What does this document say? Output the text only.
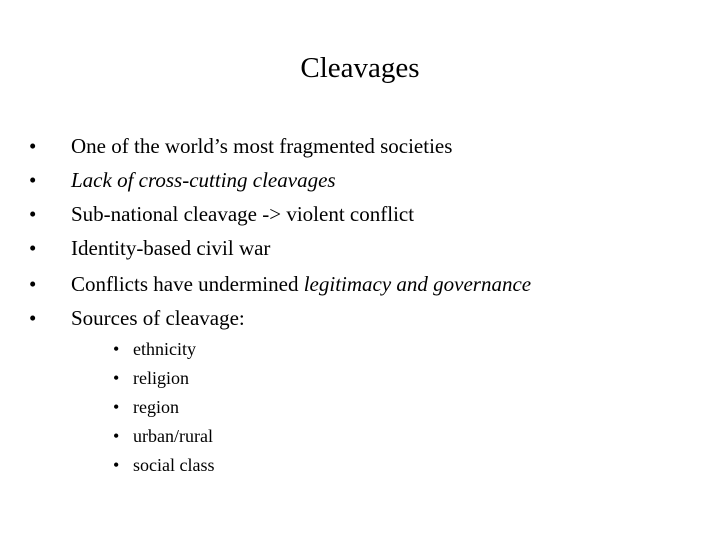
Cleavages
•	One of the world’s most fragmented societies
•	Lack of cross-cutting cleavages
•	Sub-national cleavage -> violent conflict
•	Identity-based civil war
•	Conflicts have undermined legitimacy and governance
•	Sources of cleavage:
• ethnicity
• religion
• region
• urban/rural
• social class
